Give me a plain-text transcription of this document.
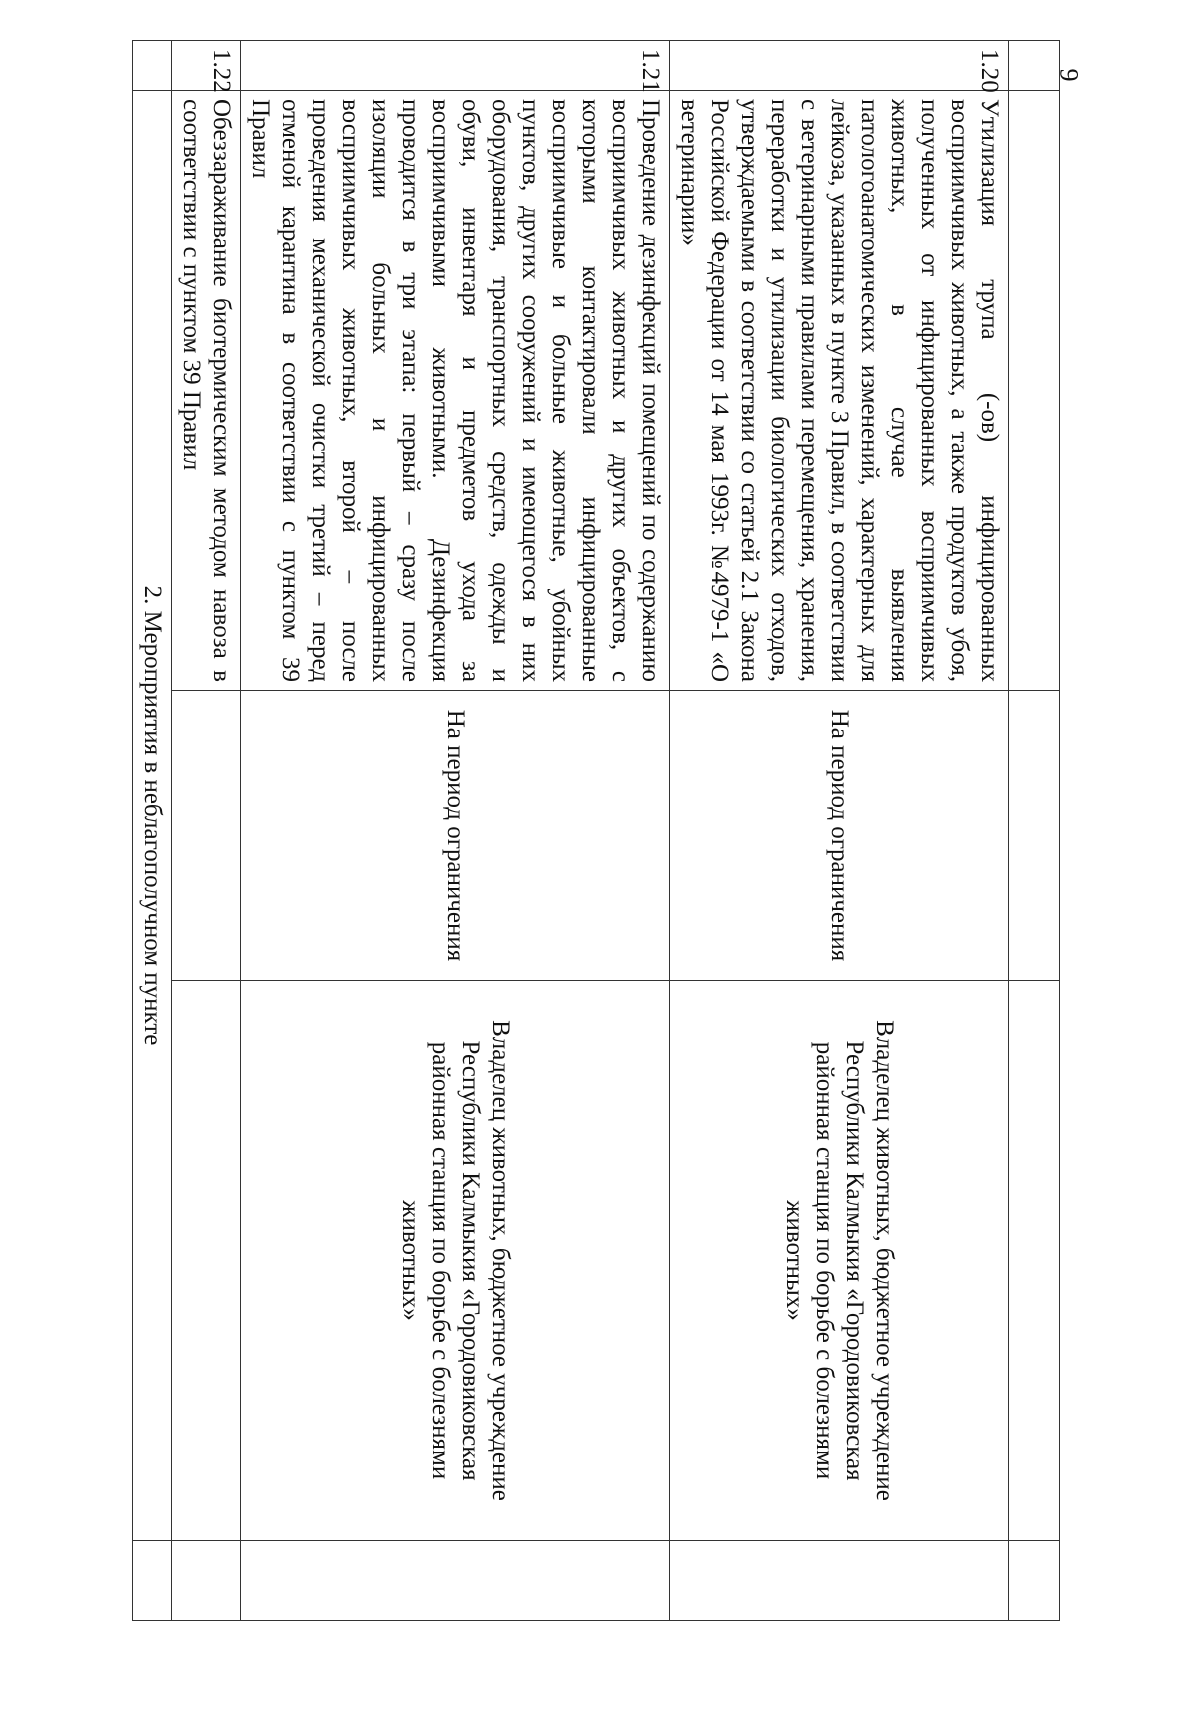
1.20	Утилизация трупа (-ов) инфицированных восприимчивых животных, а также продуктов убоя, полученных от инфицированных восприимчивых животных, в случае выявления патологоанатомических изменений, характерных для лейкоза, указанных в пункте 3 Правил, в соответствии с ветеринарными правилами перемещения, хранения, переработки и утилизации биологических отходов, утверждаемыми в соответствии со статьей 2.1 Закона Российской Федерации от 14 мая 1993г. №4979-1 «О ветеринарии»	На период ограничения	Владелец животных, бюджетное учреждение Республики Калмыкия «Городовиковская районная станция по борьбе с болезнями животных»	
1.21	Проведение дезинфекций помещений по содержанию восприимчивых животных и других объектов, с которыми контактировали инфицированные восприимчивые и больные животные, убойных пунктов, других сооружений и имеющегося в них оборудования, транспортных средств, одежды и обуви, инвентаря и предметов ухода за восприимчивыми животными. Дезинфекция проводится в три этапа: первый – сразу после изоляции больных и инфицированных восприимчивых животных, второй – после проведения механической очистки третий – перед отменой карантина в соответствии с пунктом 39 Правил	На период ограничения	Владелец животных, бюджетное учреждение Республики Калмыкия «Городовиковская районная станция по борьбе с болезнями животных»	
1.22	Обеззараживание биотермическим методом навоза в соответствии с пунктом 39 Правил			
	2. Мероприятия в неблагополучном пункте			
9
